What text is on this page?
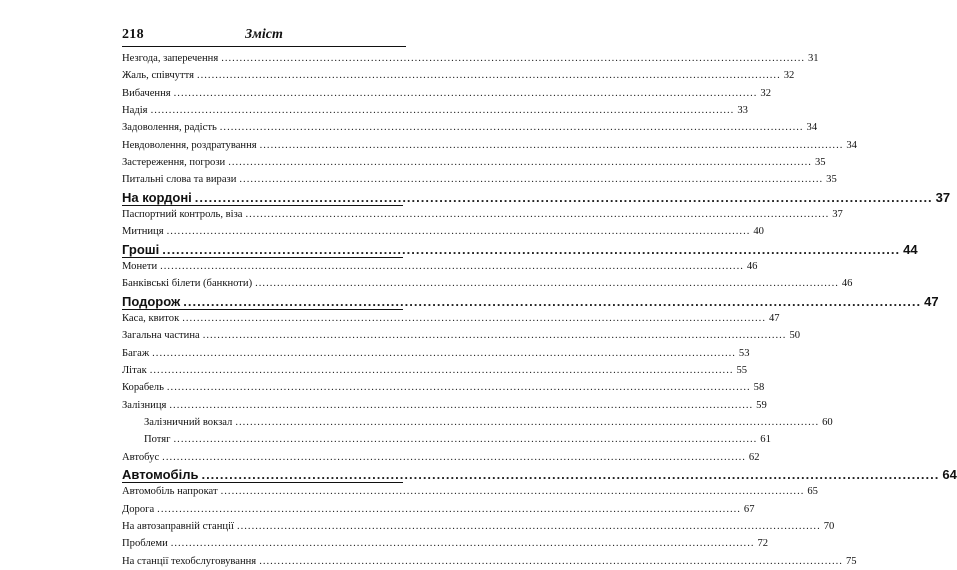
218	Зміст
Незгода, заперечення .....	31
Жаль, співчуття .....	32
Вибачення .....	32
Надія .....	33
Задоволення, радість .....	34
Невдоволення, роздратування .....	34
Застереження, погрози .....	35
Питальні слова та вирази .....	35
На кордоні .....	37
Паспортний контроль, віза .....	37
Митниця .....	40
Гроші .....	44
Монети .....	46
Банківські білети (банкноти) .....	46
Подорож .....	47
Каса, квиток .....	47
Загальна частина .....	50
Багаж .....	53
Літак .....	55
Корабель .....	58
Залізниця .....	59
Залізничний вокзал .....	60
Потяг .....	61
Автобус .....	62
Автомобіль .....	64
Автомобіль напрокат .....	65
Дорога .....	67
На автозаправній станції .....	70
Проблеми .....	72
На станції техобслуговування .....	75
